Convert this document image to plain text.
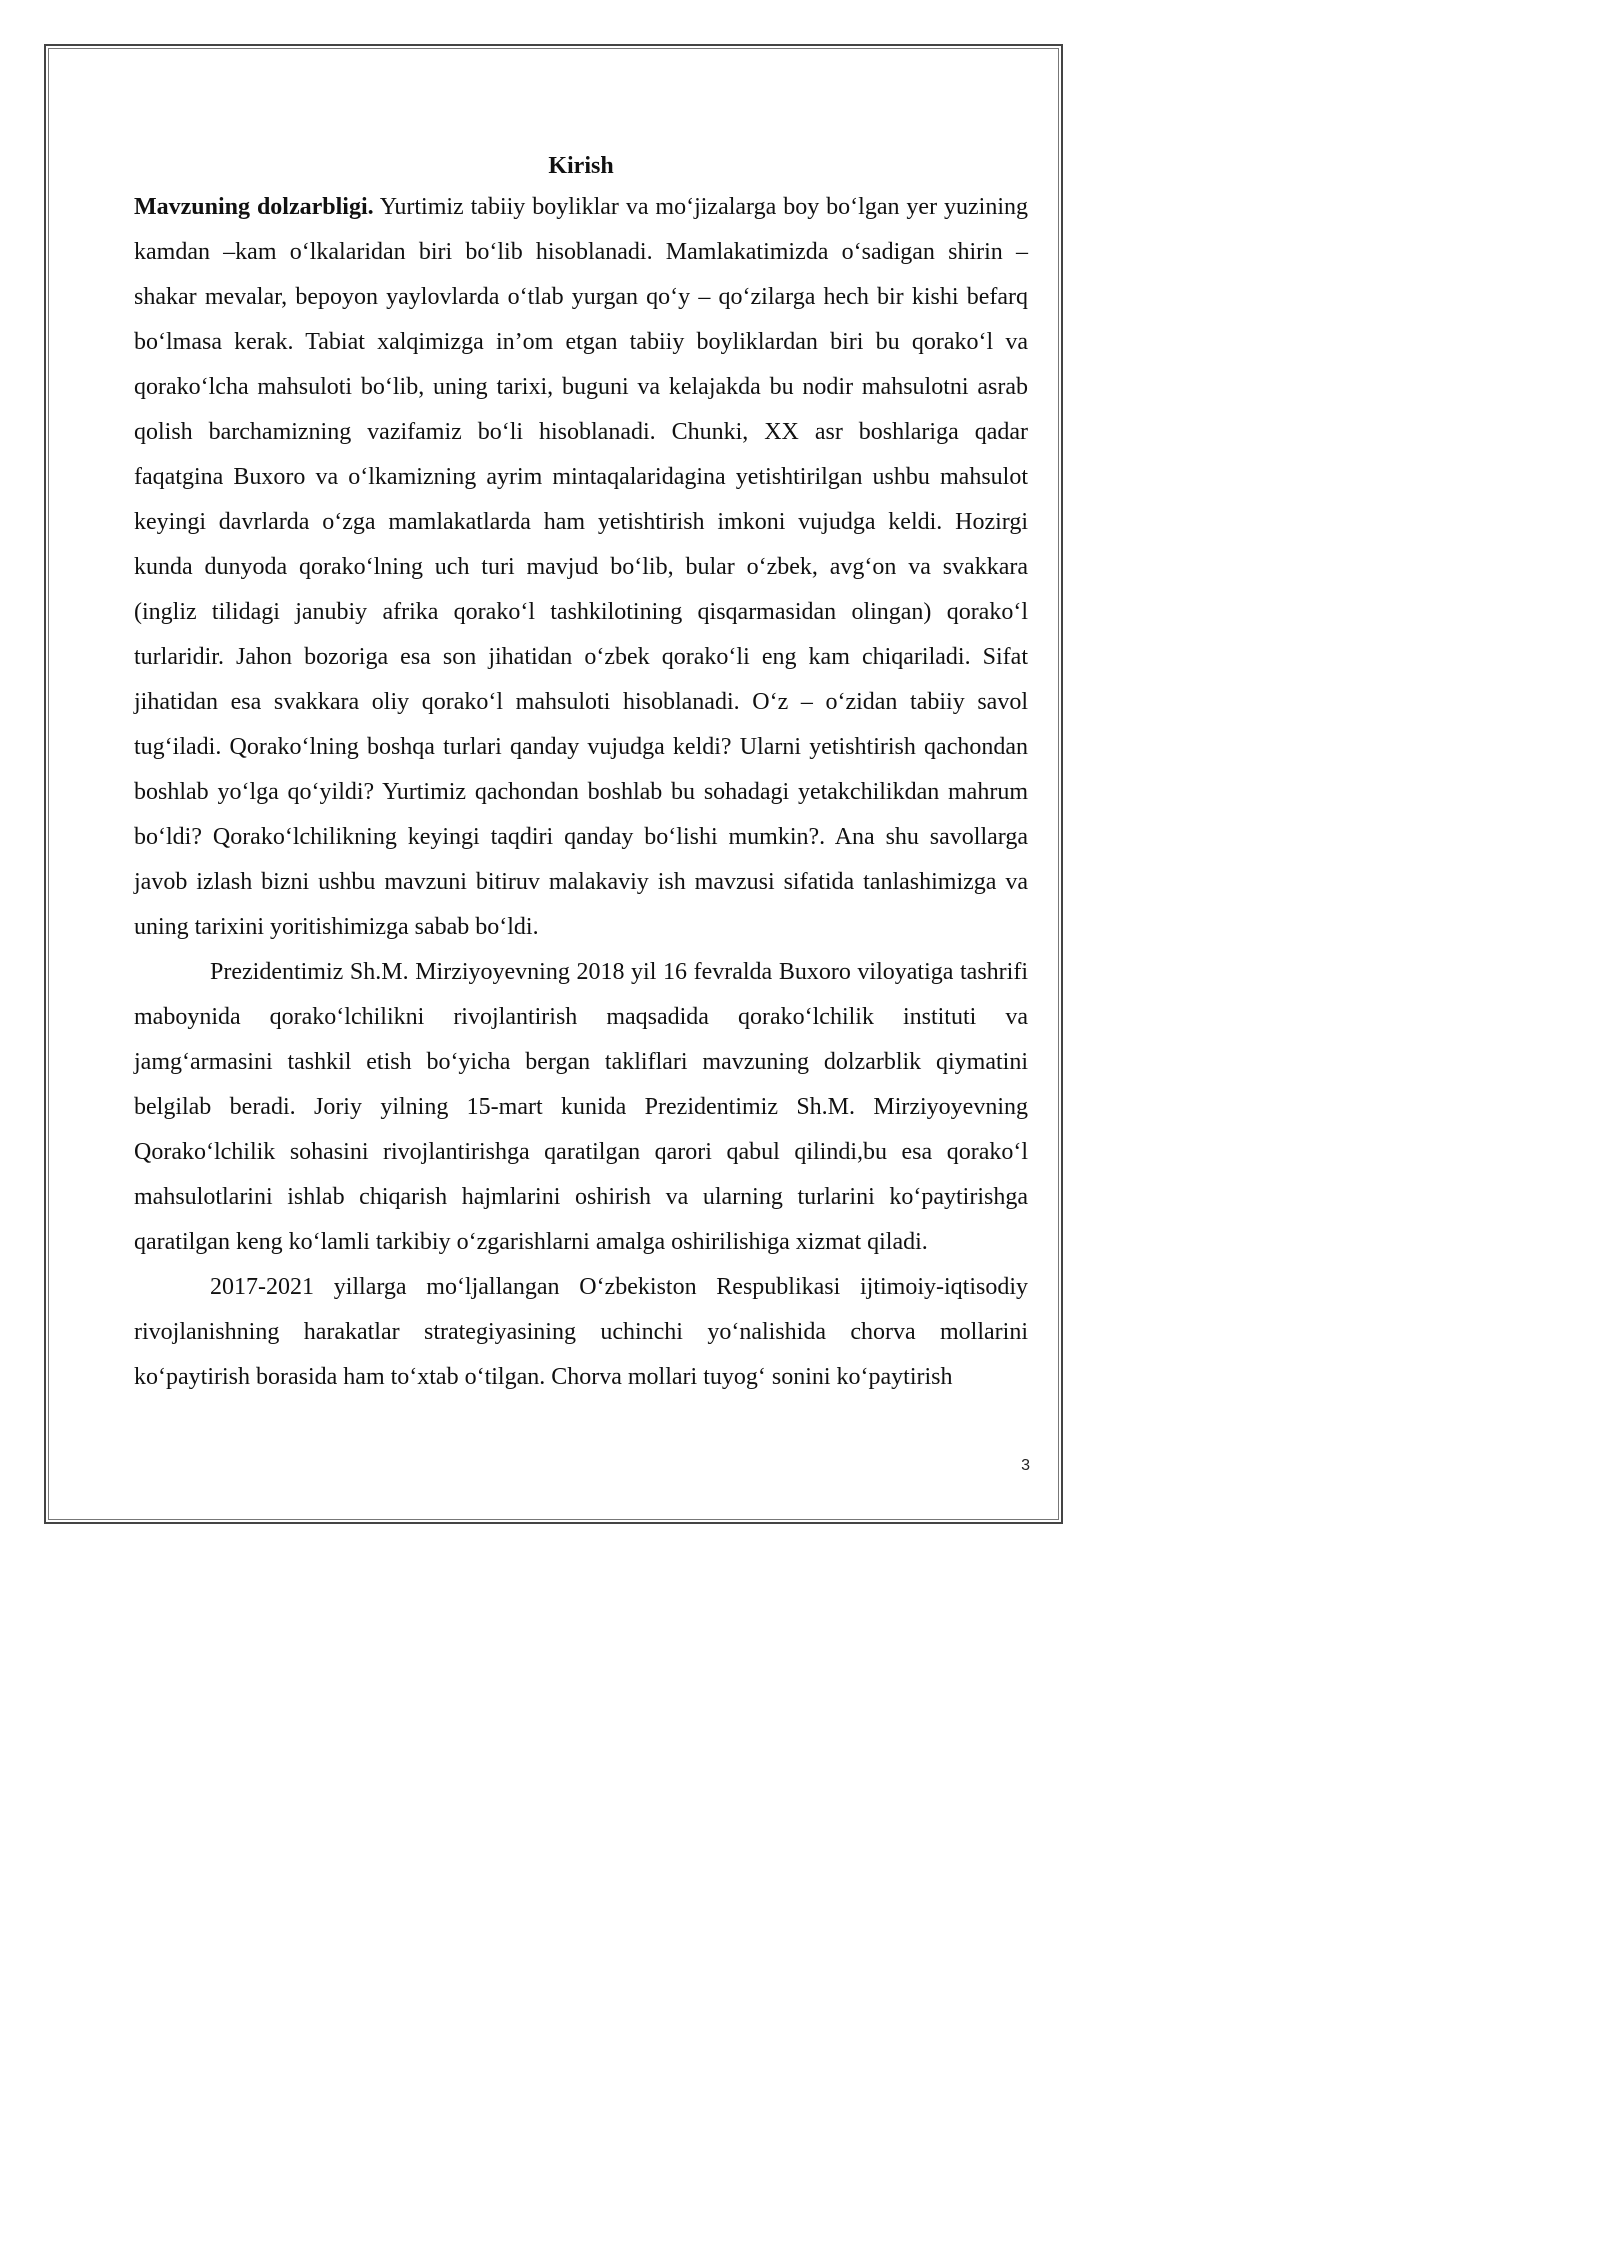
Kirish

Mavzuning dolzarbligi. Yurtimiz tabiiy boyliklar va moʻjizalarga boy boʻlgan yer yuzining kamdan –kam oʻlkalaridan biri boʻlib hisoblanadi. Mamlakatimizda oʻsadigan shirin – shakar mevalar, bepoyon yaylovlarda oʻtlab yurgan qoʻy – qoʻzilarga hech bir kishi befarq boʻlmasa kerak. Tabiat xalqimizga in’om etgan tabiiy boyliklardan biri bu qorakoʻl va qorakoʻlcha mahsuloti boʻlib, uning tarixi, buguni va kelajakda bu nodir mahsulotni asrab qolish barchamizning vazifamiz boʻli hisoblanadi. Chunki, XX asr boshlariga qadar faqatgina Buxoro va oʻlkamizning ayrim mintaqalaridagina yetishtirilgan ushbu mahsulot keyingi davrlarda oʻzga mamlakatlarda ham yetishtirish imkoni vujudga keldi. Hozirgi kunda dunyoda qorakoʻlning uch turi mavjud boʻlib, bular oʻzbek, avgʻon va svakkara (ingliz tilidagi janubiy afrika qorakoʻl tashkilotining qisqarmasidan olingan) qorakoʻl turlaridir. Jahon bozoriga esa son jihatidan oʻzbek qorakoʻli eng kam chiqariladi. Sifat jihatidan esa svakkara oliy qorakoʻl mahsuloti hisoblanadi. Oʻz – oʻzidan tabiiy savol tugʻiladi. Qorakoʻlning boshqa turlari qanday vujudga keldi? Ularni yetishtirish qachondan boshlab yoʻlga qoʻyildi? Yurtimiz qachondan boshlab bu sohadagi yetakchilikdan mahrum boʻldi? Qorakoʻlchilikning keyingi taqdiri qanday boʻlishi mumkin?. Ana shu savollarga javob izlash bizni ushbu mavzuni bitiruv malakaviy ish mavzusi sifatida tanlashimizga va uning tarixini yoritishimizga sabab boʻldi.

Prezidentimiz Sh.M. Mirziyoyevning 2018 yil 16 fevralda Buxoro viloyatiga tashrifi maboynida qorakoʻlchilikni rivojlantirish maqsadida qorakoʻlchilik instituti va jamgʻarmasini tashkil etish boʻyicha bergan takliflari mavzuning dolzarblik qiymatini belgilab beradi. Joriy yilning 15-mart kunida Prezidentimiz Sh.M. Mirziyoyevning Qorakoʻlchilik sohasini rivojlantirishga qaratilgan qarori qabul qilindi,bu esa qorakoʻl mahsulotlarini ishlab chiqarish hajmlarini oshirish va ularning turlarini koʻpaytirishga qaratilgan keng koʻlamli tarkibiy oʻzgarishlarni amalga oshirilishiga xizmat qiladi.

2017-2021 yillarga moʻljallangan Oʻzbekiston Respublikasi ijtimoiy-iqtisodiy rivojlanishning harakatlar strategiyasining uchinchi yoʻnalishida chorva mollarini koʻpaytirish borasida ham toʻxtab oʻtilgan. Chorva mollari tuyogʻ sonini koʻpaytirish

3
